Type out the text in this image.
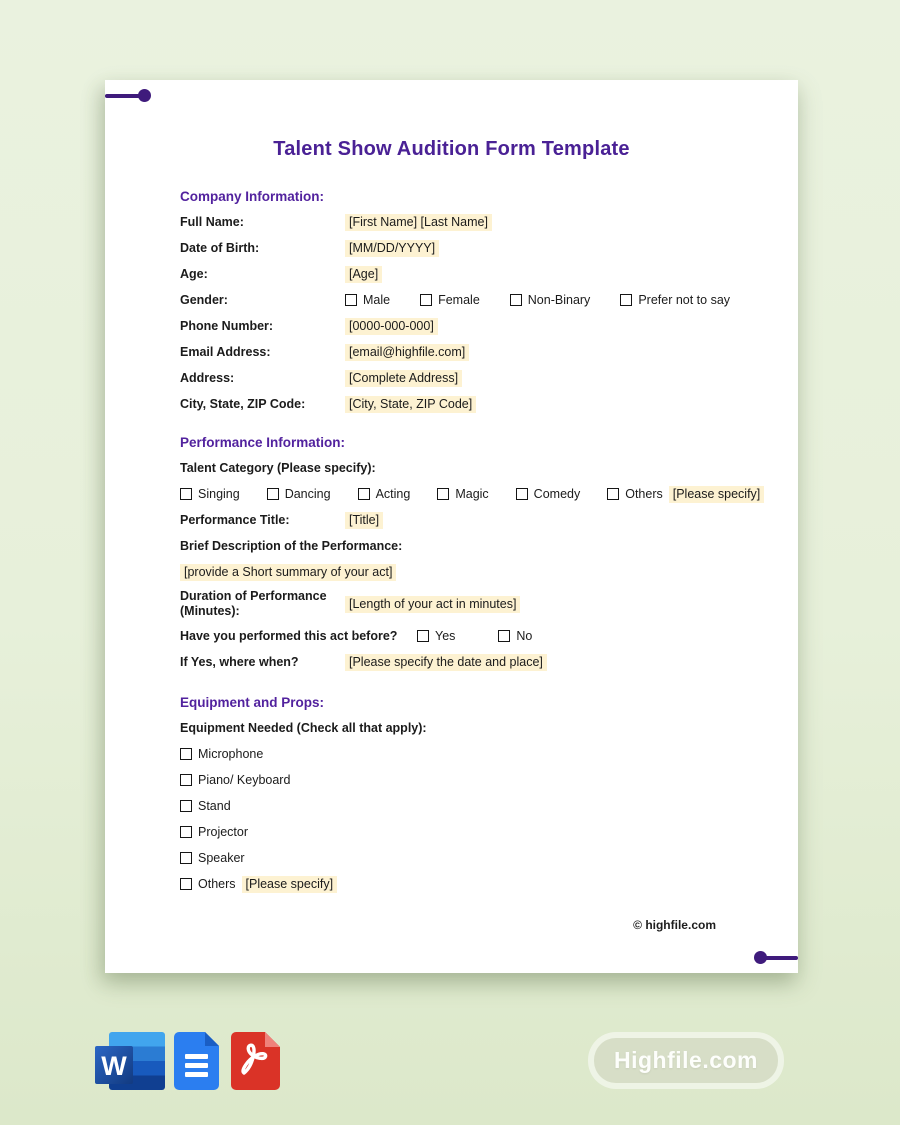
Talent Show Audition Form Template
Company Information:
Full Name:	[First Name] [Last Name]
Date of Birth:	[MM/DD/YYYY]
Age:	[Age]
Gender:	Male	Female	Non-Binary	Prefer not to say
Phone Number:	[0000-000-000]
Email Address:	[email@highfile.com]
Address:	[Complete Address]
City, State, ZIP Code:	[City, State, ZIP Code]
Performance Information:
Talent Category (Please specify):
Singing	Dancing	Acting	Magic	Comedy	Others [Please specify]
Performance Title:	[Title]
Brief Description of the Performance:
[provide a Short summary of your act]
Duration of Performance
(Minutes):
[Length of your act in minutes]
Have you performed this act before?	Yes	No
If Yes, where when?	[Please specify the date and place]
Equipment and Props:
Equipment Needed (Check all that apply):
Microphone
Piano/ Keyboard
Stand
Projector
Speaker
Others [Please specify]
© highfile.com
W	Highfile.com
